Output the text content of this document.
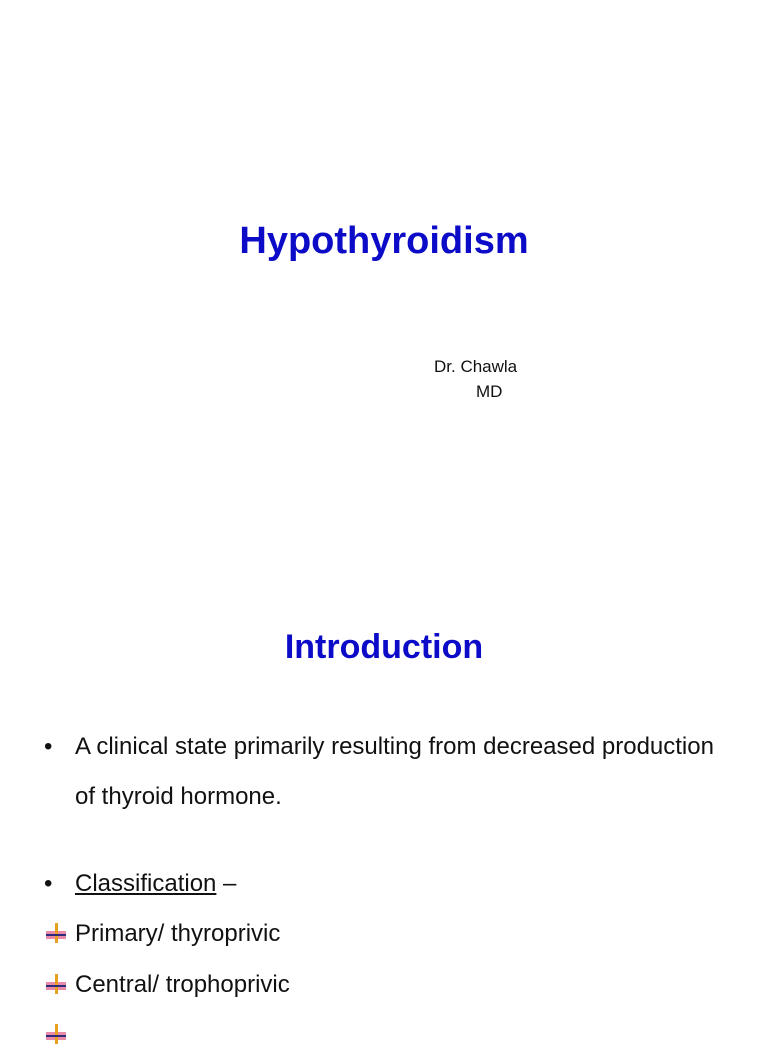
Hypothyroidism
Dr. Chawla
MD
Introduction
• A clinical state primarily resulting from decreased production of thyroid hormone.
• Classification –
Primary/ thyroprivic
Central/ trophoprivic
